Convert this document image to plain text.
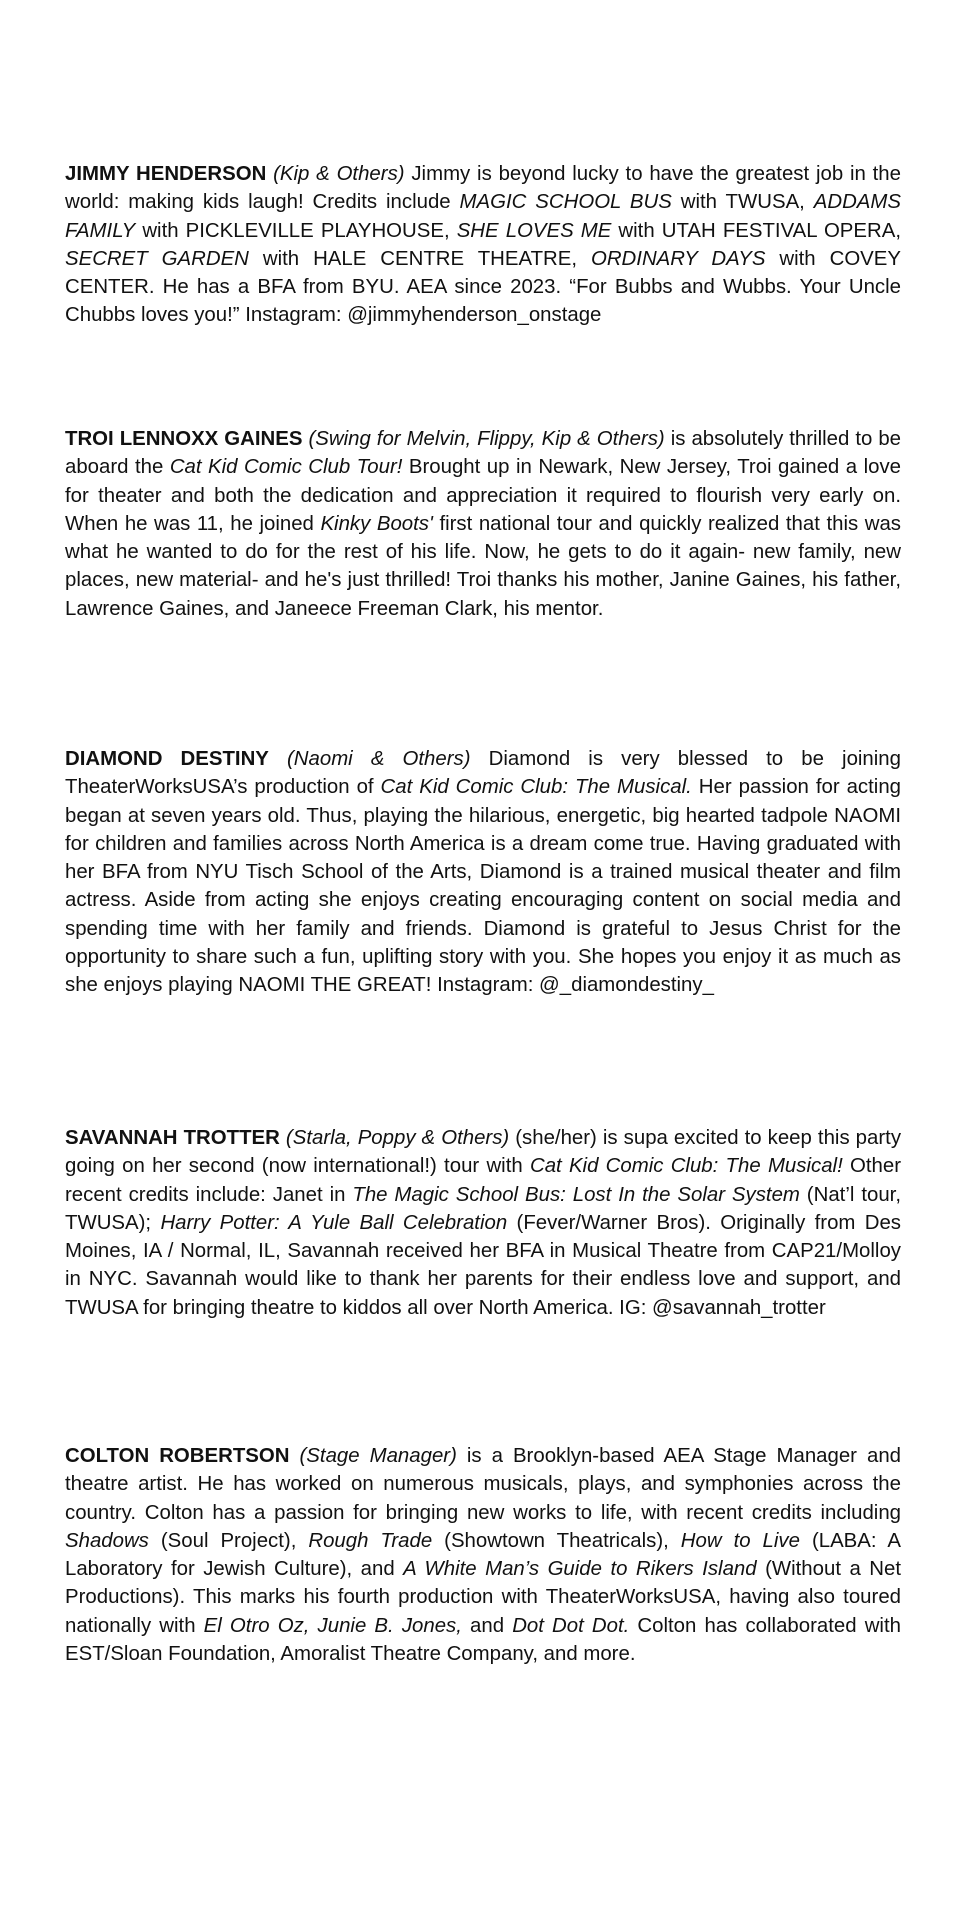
JIMMY HENDERSON (Kip & Others) Jimmy is beyond lucky to have the greatest job in the world: making kids laugh! Credits include MAGIC SCHOOL BUS with TWUSA, ADDAMS FAMILY with PICKLEVILLE PLAYHOUSE, SHE LOVES ME with UTAH FESTIVAL OPERA, SECRET GARDEN with HALE CENTRE THEATRE, ORDINARY DAYS with COVEY CENTER. He has a BFA from BYU. AEA since 2023. “For Bubbs and Wubbs. Your Uncle Chubbs loves you!” Instagram: @jimmyhenderson_onstage

TROI LENNOXX GAINES (Swing for Melvin, Flippy, Kip & Others) is absolutely thrilled to be aboard the Cat Kid Comic Club Tour! Brought up in Newark, New Jersey, Troi gained a love for theater and both the dedication and appreciation it required to flourish very early on. When he was 11, he joined Kinky Boots' first national tour and quickly realized that this was what he wanted to do for the rest of his life. Now, he gets to do it again- new family, new places, new material- and he's just thrilled! Troi thanks his mother, Janine Gaines, his father, Lawrence Gaines, and Janeece Freeman Clark, his mentor.

DIAMOND DESTINY (Naomi & Others) Diamond is very blessed to be joining TheaterWorksUSA’s production of Cat Kid Comic Club: The Musical. Her passion for acting began at seven years old. Thus, playing the hilarious, energetic, big hearted tadpole NAOMI for children and families across North America is a dream come true. Having graduated with her BFA from NYU Tisch School of the Arts, Diamond is a trained musical theater and film actress. Aside from acting she enjoys creating encouraging content on social media and spending time with her family and friends. Diamond is grateful to Jesus Christ for the opportunity to share such a fun, uplifting story with you. She hopes you enjoy it as much as she enjoys playing NAOMI THE GREAT! Instagram: @_diamondestiny_

SAVANNAH TROTTER (Starla, Poppy & Others) (she/her) is supa excited to keep this party going on her second (now international!) tour with Cat Kid Comic Club: The Musical! Other recent credits include: Janet in The Magic School Bus: Lost In the Solar System (Nat’l tour, TWUSA); Harry Potter: A Yule Ball Celebration (Fever/Warner Bros). Originally from Des Moines, IA / Normal, IL, Savannah received her BFA in Musical Theatre from CAP21/Molloy in NYC. Savannah would like to thank her parents for their endless love and support, and TWUSA for bringing theatre to kiddos all over North America. IG: @savannah_trotter

COLTON ROBERTSON (Stage Manager) is a Brooklyn-based AEA Stage Manager and theatre artist. He has worked on numerous musicals, plays, and symphonies across the country. Colton has a passion for bringing new works to life, with recent credits including Shadows (Soul Project), Rough Trade (Showtown Theatricals), How to Live (LABA: A Laboratory for Jewish Culture), and A White Man’s Guide to Rikers Island (Without a Net Productions). This marks his fourth production with TheaterWorksUSA, having also toured nationally with El Otro Oz, Junie B. Jones, and Dot Dot Dot. Colton has collaborated with EST/Sloan Foundation, Amoralist Theatre Company, and more.
